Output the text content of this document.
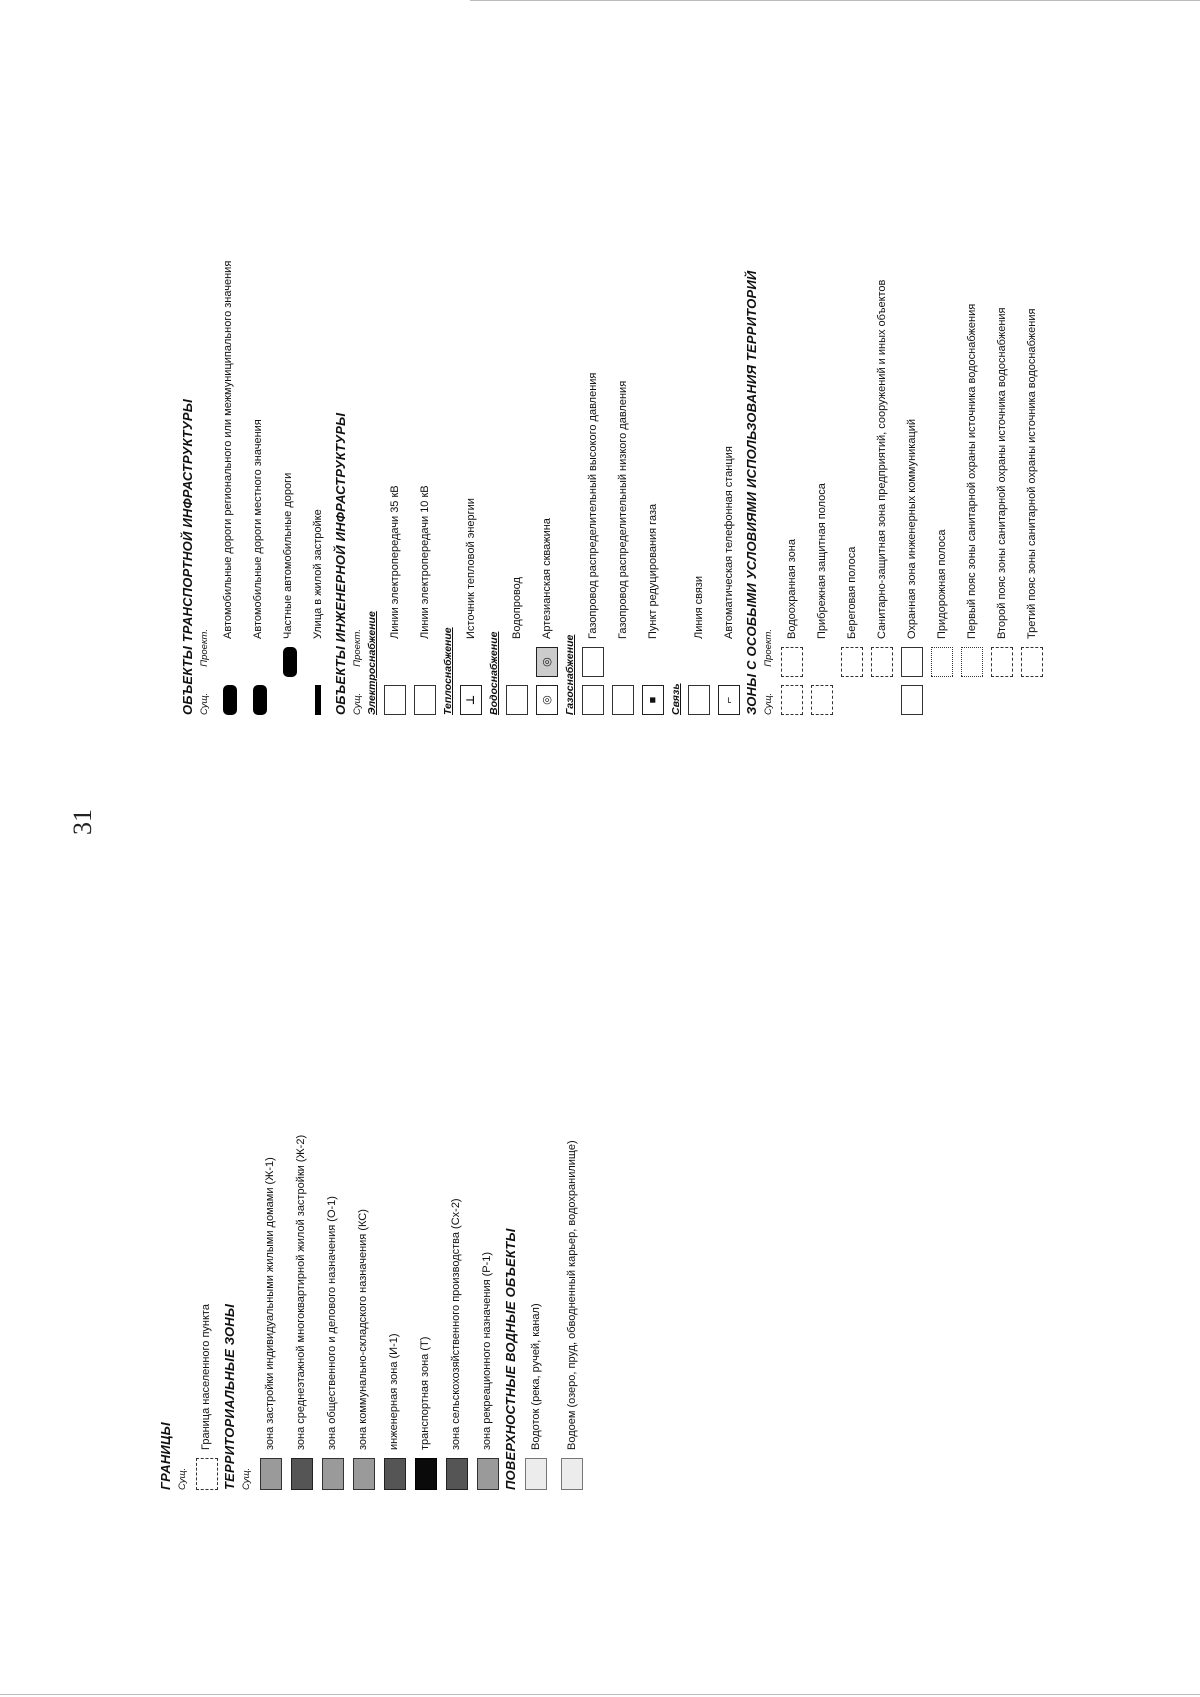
31
ГРАНИЦЫ Сущ.
Граница населенного пункта ТЕРРИТОРИАЛЬНЫЕ ЗОНЫ Сущ.
зона застройки индивидуальными жилыми домами (Ж-1) зона среднеэтажной многоквартирной жилой застройки (Ж-2) зона общественного и делового назначения (О-1) зона коммунально-складского назначения (КС) инженерная зона (И-1) транспортная зона (Т) зона сельскохозяйственного производства (Сх-2) зона рекреационного назначения (Р-1) ПОВЕРХНОСТНЫЕ ВОДНЫЕ ОБЪЕКТЫ Водоток (река, ручей, канал) Водоем (озеро, пруд, обводненный карьер, водохранилище)
ОБЪЕКТЫ ТРАНСПОРТНОЙ ИНФРАСТРУКТУРЫ Сущ.
Проект.
Автомобильные дороги регионального или межмуниципального значения Автомобильные дороги местного значения Частные автомобильные дороги Улица в жилой застройке ОБЪЕКТЫ ИНЖЕНЕРНОЙ ИНФРАСТРУКТУРЫ Сущ.
Проект. Электроснабжение
Линии электропередачи 35 кВ Линии электропередачи 10 кВ
Теплоснабжение ⊥
Источник тепловой энергии
Водоснабжение
Водопровод
◎
◎
Артезианская скважина
Газоснабжение
Газопровод распределительный высокого давления Газопровод распределительный низкого давления
■
Пункт редуцирования газа
Связь
Линия связи
⌐
Автоматическая телефонная станция ЗОНЫ С ОСОБЫМИ УСЛОВИЯМИ ИСПОЛЬЗОВАНИЯ ТЕРРИТОРИЙ Сущ.
Проект.
Водоохранная зона Прибрежная защитная полоса Береговая полоса Санитарно-защитная зона предприятий, сооружений и иных объектов Охранная зона инженерных коммуникаций Придорожная полоса Первый пояс зоны санитарной охраны источника водоснабжения Второй пояс зоны санитарной охраны источника водоснабжения Третий пояс зоны санитарной охраны источника водоснабжения
